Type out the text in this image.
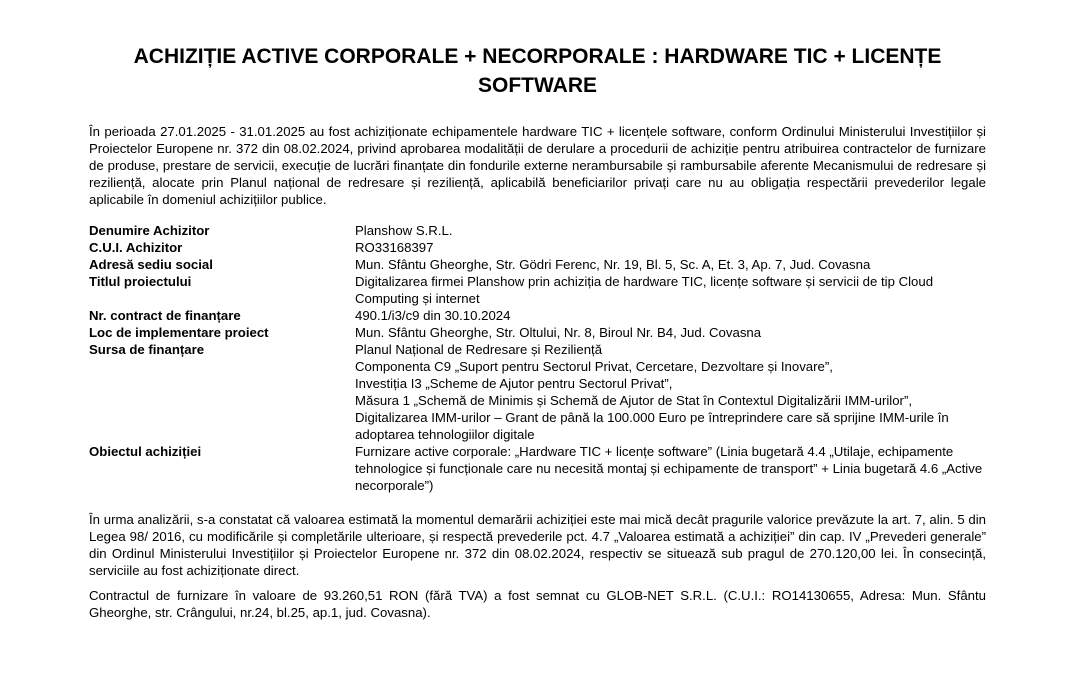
ACHIZIȚIE ACTIVE CORPORALE + NECORPORALE : HARDWARE TIC + LICENȚE SOFTWARE

În perioada 27.01.2025 - 31.01.2025 au fost achiziționate echipamentele hardware TIC + licențele software, conform Ordinului Ministerului Investițiilor și Proiectelor Europene nr. 372 din 08.02.2024, privind aprobarea modalității de derulare a procedurii de achiziție pentru atribuirea contractelor de furnizare de produse, prestare de servicii, execuție de lucrări finanțate din fondurile externe nerambursabile și rambursabile aferente Mecanismului de redresare și reziliență, alocate prin Planul național de redresare și reziliență, aplicabilă beneficiarilor privați care nu au obligația respectării prevederilor legale aplicabile în domeniul achizițiilor publice.

Denumire Achizitor	Planshow S.R.L.
C.U.I. Achizitor	RO33168397
Adresă sediu social	Mun. Sfântu Gheorghe, Str. Gödri Ferenc, Nr. 19, Bl. 5, Sc. A, Et. 3, Ap. 7, Jud. Covasna
Titlul proiectului	Digitalizarea firmei Planshow prin achiziția de hardware TIC, licențe software și servicii de tip Cloud Computing și internet
Nr. contract de finanțare	490.1/i3/c9 din 30.10.2024
Loc de implementare proiect	Mun. Sfântu Gheorghe, Str. Oltului, Nr. 8, Biroul Nr. B4, Jud. Covasna
Sursa de finanțare	Planul Național de Redresare și Reziliență
Componenta C9 „Suport pentru Sectorul Privat, Cercetare, Dezvoltare și Inovare”,
Investiția I3 „Scheme de Ajutor pentru Sectorul Privat”,
Măsura 1 „Schemă de Minimis și Schemă de Ajutor de Stat în Contextul Digitalizării IMM-urilor”,
Digitalizarea IMM-urilor – Grant de până la 100.000 Euro pe întreprindere care să sprijine IMM-urile în adoptarea tehnologiilor digitale
Obiectul achiziției	Furnizare active corporale: „Hardware TIC + licențe software” (Linia bugetară 4.4 „Utilaje, echipamente tehnologice și funcționale care nu necesită montaj și echipamente de transport” + Linia bugetară 4.6 „Active necorporale”)

În urma analizării, s-a constatat că valoarea estimată la momentul demarării achiziției este mai mică decât pragurile valorice prevăzute la art. 7, alin. 5 din Legea 98/ 2016, cu modificările și completările ulterioare, și respectă prevederile pct. 4.7 „Valoarea estimată a achiziției” din cap. IV „Prevederi generale” din Ordinul Ministerului Investițiilor și Proiectelor Europene nr. 372 din 08.02.2024, respectiv se situează sub pragul de 270.120,00 lei. În consecință, serviciile au fost achiziționate direct.

Contractul de furnizare în valoare de 93.260,51 RON (fără TVA) a fost semnat cu GLOB-NET S.R.L. (C.U.I.: RO14130655, Adresa: Mun. Sfântu Gheorghe, str. Crângului, nr.24, bl.25, ap.1, jud. Covasna).
